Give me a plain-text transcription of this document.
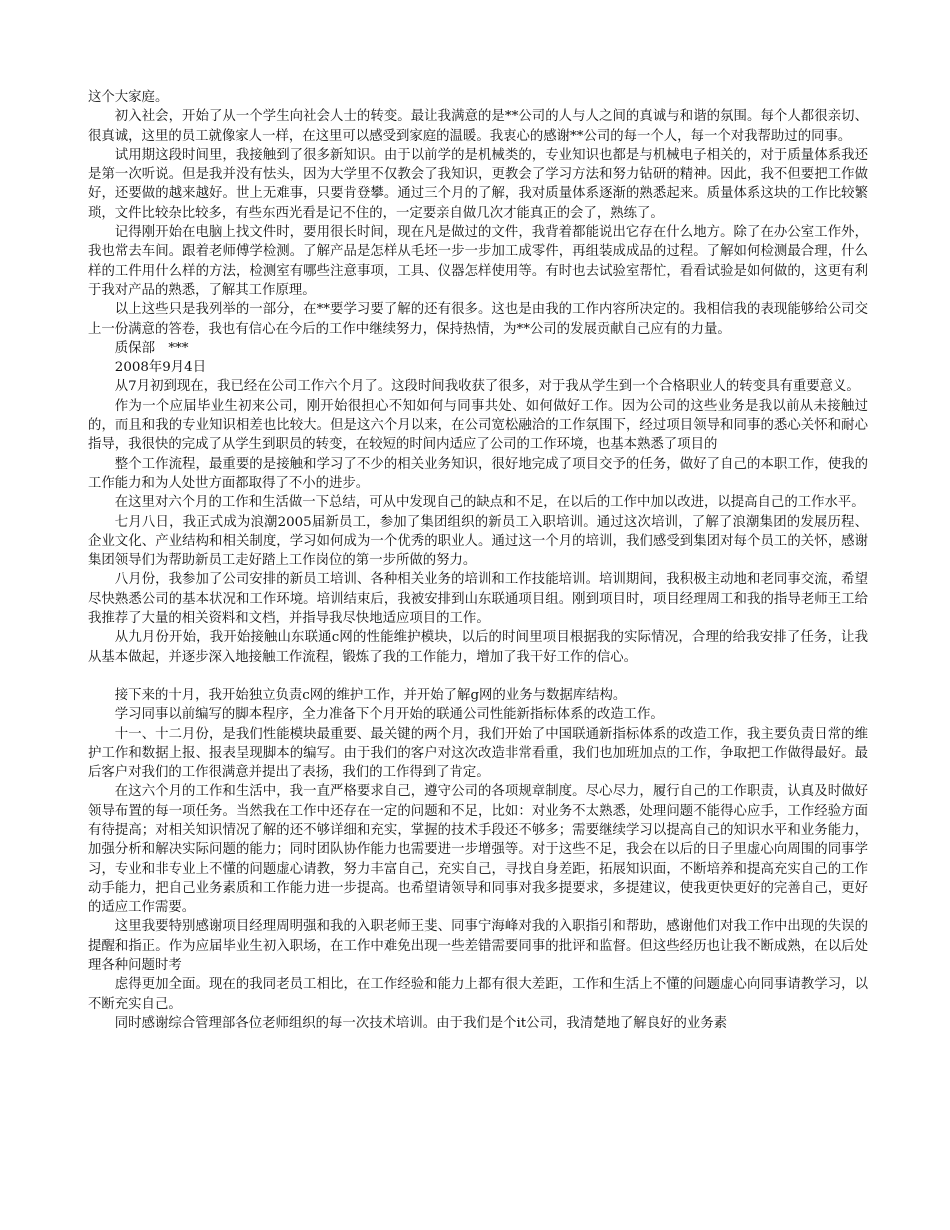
这个大家庭。

初入社会，开始了从一个学生向社会人士的转变。最让我满意的是**公司的人与人之间的真诚与和谐的氛围。每个人都很亲切、很真诚，这里的员工就像家人一样，在这里可以感受到家庭的温暖。我衷心的感谢**公司的每一个人，每一个对我帮助过的同事。

试用期这段时间里，我接触到了很多新知识。由于以前学的是机械类的，专业知识也都是与机械电子相关的，对于质量体系我还是第一次听说。但是我并没有怯头，因为大学里不仅教会了我知识，更教会了学习方法和努力钻研的精神。因此，我不但要把工作做好，还要做的越来越好。世上无难事，只要肯登攀。通过三个月的了解，我对质量体系逐渐的熟悉起来。质量体系这块的工作比较繁琐，文件比较杂比较多，有些东西光看是记不住的，一定要亲自做几次才能真正的会了，熟练了。

记得刚开始在电脑上找文件时，要用很长时间，现在凡是做过的文件，我背着都能说出它存在什么地方。除了在办公室工作外，我也常去车间。跟着老师傅学检测。了解产品是怎样从毛坯一步一步加工成零件，再组装成成品的过程。了解如何检测最合理，什么样的工件用什么样的方法，检测室有哪些注意事项，工具、仪器怎样使用等。有时也去试验室帮忙，看看试验是如何做的，这更有利于我对产品的熟悉，了解其工作原理。

以上这些只是我列举的一部分，在**要学习要了解的还有很多。这也是由我的工作内容所决定的。我相信我的表现能够给公司交上一份满意的答卷，我也有信心在今后的工作中继续努力，保持热情，为**公司的发展贡献自己应有的力量。

质保部　***

2008年9月4日

从7月初到现在，我已经在公司工作六个月了。这段时间我收获了很多，对于我从学生到一个合格职业人的转变具有重要意义。

作为一个应届毕业生初来公司，刚开始很担心不知如何与同事共处、如何做好工作。因为公司的这些业务是我以前从未接触过的，而且和我的专业知识相差也比较大。但是这六个月以来，在公司宽松融洽的工作氛围下，经过项目领导和同事的悉心关怀和耐心指导，我很快的完成了从学生到职员的转变，在较短的时间内适应了公司的工作环境，也基本熟悉了项目的

整个工作流程，最重要的是接触和学习了不少的相关业务知识，很好地完成了项目交予的任务，做好了自己的本职工作，使我的工作能力和为人处世方面都取得了不小的进步。

在这里对六个月的工作和生活做一下总结，可从中发现自己的缺点和不足，在以后的工作中加以改进，以提高自己的工作水平。

七月八日，我正式成为浪潮2005届新员工，参加了集团组织的新员工入职培训。通过这次培训，了解了浪潮集团的发展历程、企业文化、产业结构和相关制度，学习如何成为一个优秀的职业人。通过这一个月的培训，我们感受到集团对每个员工的关怀，感谢集团领导们为帮助新员工走好踏上工作岗位的第一步所做的努力。

八月份，我参加了公司安排的新员工培训、各种相关业务的培训和工作技能培训。培训期间，我积极主动地和老同事交流，希望尽快熟悉公司的基本状况和工作环境。培训结束后，我被安排到山东联通项目组。刚到项目时，项目经理周工和我的指导老师王工给我推荐了大量的相关资料和文档，并指导我尽快地适应项目的工作。

从九月份开始，我开始接触山东联通c网的性能维护模块，以后的时间里项目根据我的实际情况，合理的给我安排了任务，让我从基本做起，并逐步深入地接触工作流程，锻炼了我的工作能力，增加了我干好工作的信心。

接下来的十月，我开始独立负责c网的维护工作，并开始了解g网的业务与数据库结构。

学习同事以前编写的脚本程序，全力准备下个月开始的联通公司性能新指标体系的改造工作。

十一、十二月份，是我们性能模块最重要、最关键的两个月，我们开始了中国联通新指标体系的改造工作，我主要负责日常的维护工作和数据上报、报表呈现脚本的编写。由于我们的客户对这次改造非常看重，我们也加班加点的工作，争取把工作做得最好。最后客户对我们的工作很满意并提出了表扬，我们的工作得到了肯定。

在这六个月的工作和生活中，我一直严格要求自己，遵守公司的各项规章制度。尽心尽力，履行自己的工作职责，认真及时做好领导布置的每一项任务。当然我在工作中还存在一定的问题和不足，比如：对业务不太熟悉，处理问题不能得心应手，工作经验方面有待提高；对相关知识情况了解的还不够详细和充实，掌握的技术手段还不够多；需要继续学习以提高自己的知识水平和业务能力，加强分析和解决实际问题的能力；同时团队协作能力也需要进一步增强等。对于这些不足，我会在以后的日子里虚心向周围的同事学习，专业和非专业上不懂的问题虚心请教，努力丰富自己，充实自己，寻找自身差距，拓展知识面，不断培养和提高充实自己的工作动手能力，把自己业务素质和工作能力进一步提高。也希望请领导和同事对我多提要求，多提建议，使我更快更好的完善自己，更好的适应工作需要。

这里我要特别感谢项目经理周明强和我的入职老师王斐、同事宁海峰对我的入职指引和帮助，感谢他们对我工作中出现的失误的提醒和指正。作为应届毕业生初入职场，在工作中难免出现一些差错需要同事的批评和监督。但这些经历也让我不断成熟，在以后处理各种问题时考

虑得更加全面。现在的我同老员工相比，在工作经验和能力上都有很大差距，工作和生活上不懂的问题虚心向同事请教学习，以不断充实自己。

同时感谢综合管理部各位老师组织的每一次技术培训。由于我们是个it公司，我清楚地了解良好的业务素
